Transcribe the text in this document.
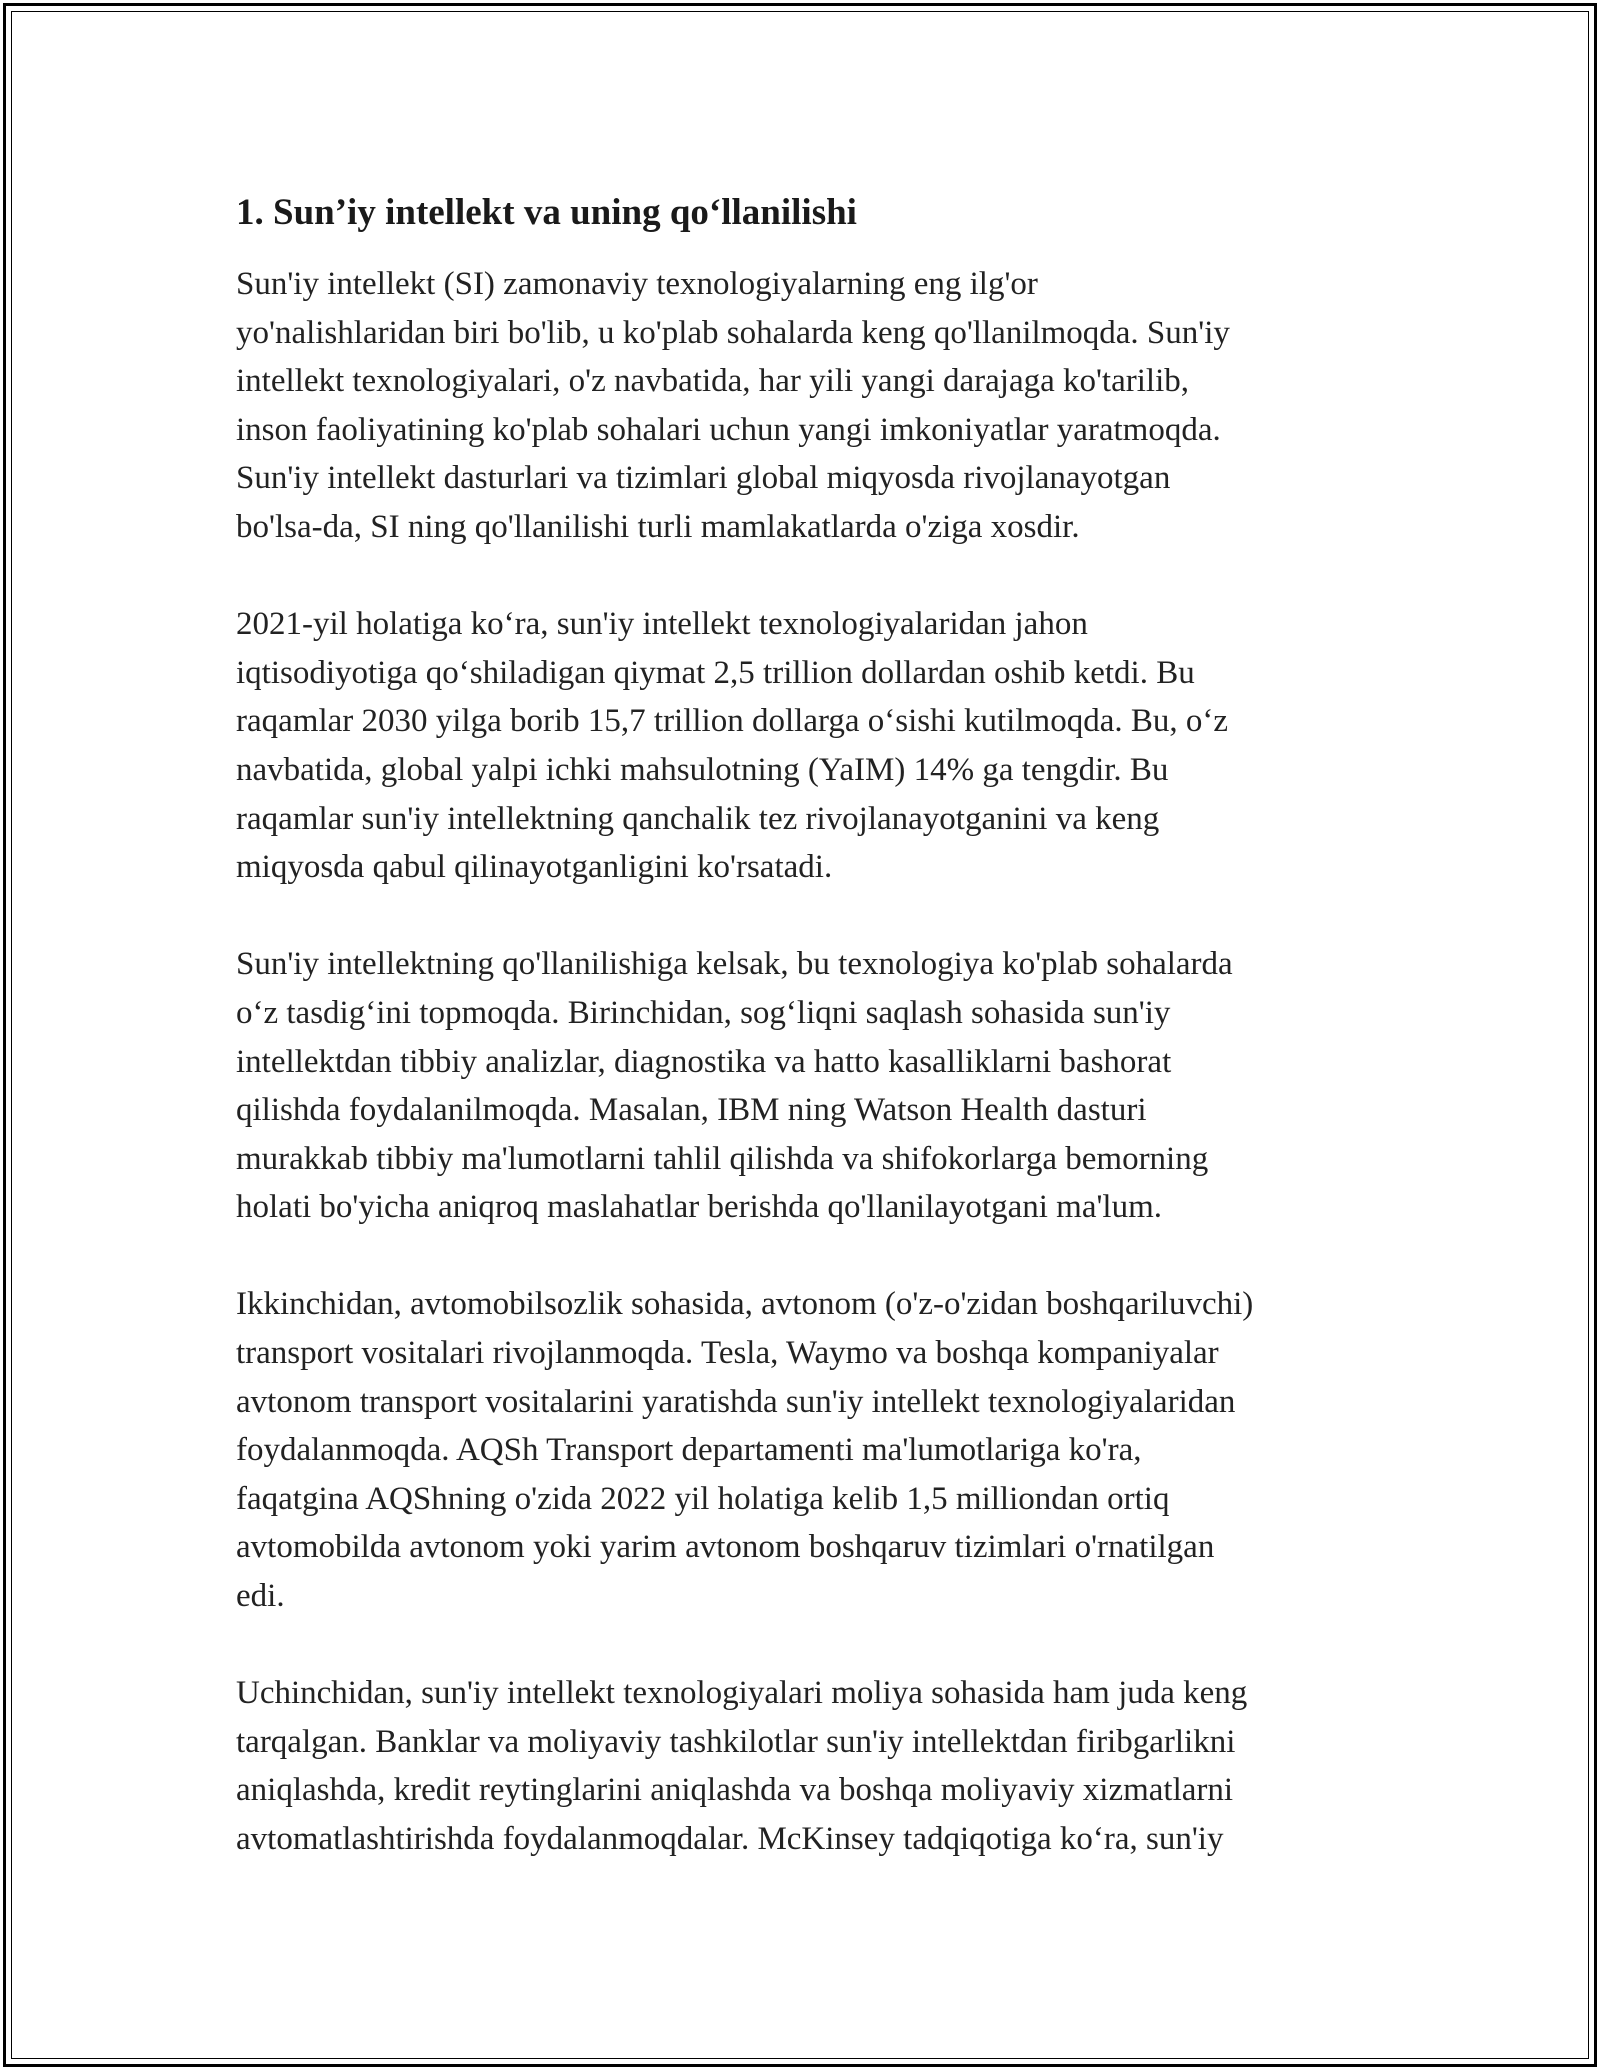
1. Sun’iy intellekt va uning qo‘llanilishi
Sun'iy intellekt (SI) zamonaviy texnologiyalarning eng ilg'or
yo'nalishlaridan biri bo'lib, u ko'plab sohalarda keng qo'llanilmoqda. Sun'iy
intellekt texnologiyalari, o'z navbatida, har yili yangi darajaga ko'tarilib,
inson faoliyatining ko'plab sohalari uchun yangi imkoniyatlar yaratmoqda.
Sun'iy intellekt dasturlari va tizimlari global miqyosda rivojlanayotgan
bo'lsa-da, SI ning qo'llanilishi turli mamlakatlarda o'ziga xosdir.
2021-yil holatiga ko‘ra, sun'iy intellekt texnologiyalaridan jahon
iqtisodiyotiga qo‘shiladigan qiymat 2,5 trillion dollardan oshib ketdi. Bu
raqamlar 2030 yilga borib 15,7 trillion dollarga o‘sishi kutilmoqda. Bu, o‘z
navbatida, global yalpi ichki mahsulotning (YaIM) 14% ga tengdir. Bu
raqamlar sun'iy intellektning qanchalik tez rivojlanayotganini va keng
miqyosda qabul qilinayotganligini ko'rsatadi.
Sun'iy intellektning qo'llanilishiga kelsak, bu texnologiya ko'plab sohalarda
o‘z tasdig‘ini topmoqda. Birinchidan, sog‘liqni saqlash sohasida sun'iy
intellektdan tibbiy analizlar, diagnostika va hatto kasalliklarni bashorat
qilishda foydalanilmoqda. Masalan, IBM ning Watson Health dasturi
murakkab tibbiy ma'lumotlarni tahlil qilishda va shifokorlarga bemorning
holati bo'yicha aniqroq maslahatlar berishda qo'llanilayotgani ma'lum.
Ikkinchidan, avtomobilsozlik sohasida, avtonom (o'z-o'zidan boshqariluvchi)
transport vositalari rivojlanmoqda. Tesla, Waymo va boshqa kompaniyalar
avtonom transport vositalarini yaratishda sun'iy intellekt texnologiyalaridan
foydalanmoqda. AQSh Transport departamenti ma'lumotlariga ko'ra,
faqatgina AQShning o'zida 2022 yil holatiga kelib 1,5 milliondan ortiq
avtomobilda avtonom yoki yarim avtonom boshqaruv tizimlari o'rnatilgan
edi.
Uchinchidan, sun'iy intellekt texnologiyalari moliya sohasida ham juda keng
tarqalgan. Banklar va moliyaviy tashkilotlar sun'iy intellektdan firibgarlikni
aniqlashda, kredit reytinglarini aniqlashda va boshqa moliyaviy xizmatlarni
avtomatlashtirishda foydalanmoqdalar. McKinsey tadqiqotiga ko‘ra, sun'iy
